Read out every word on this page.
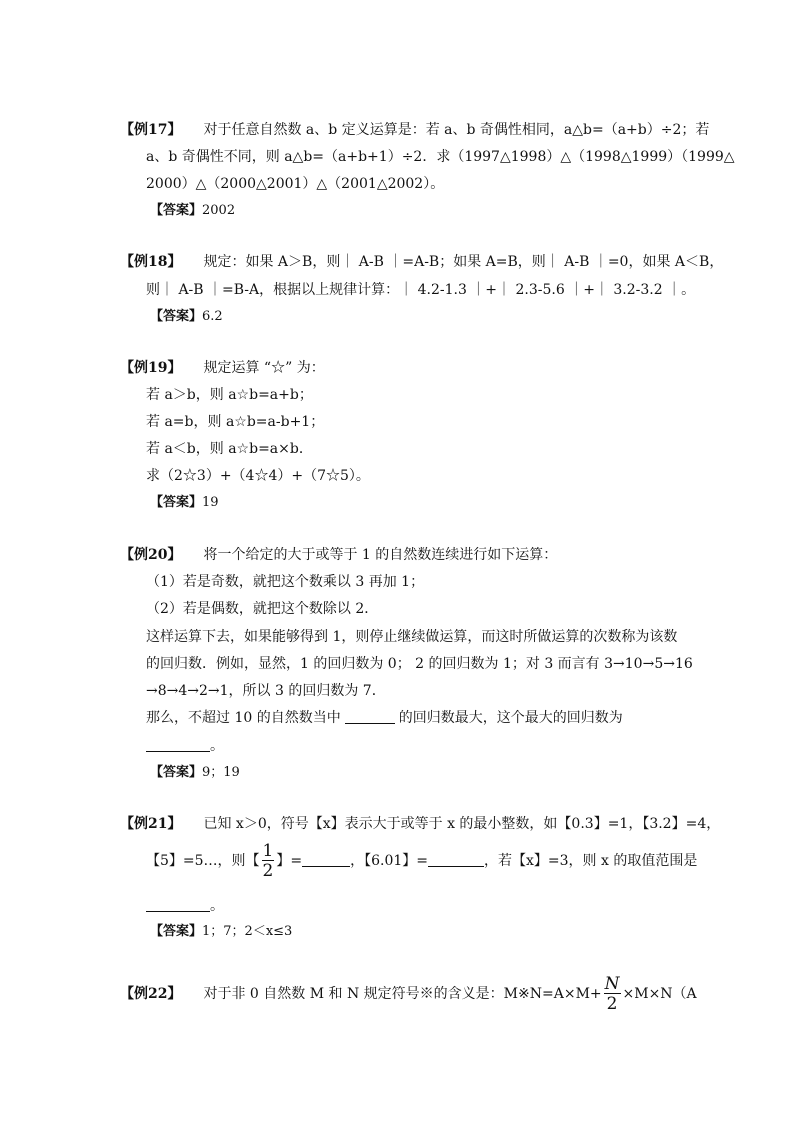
【例17】 对于任意自然数 a、b 定义运算是：若 a、b 奇偶性相同，a△b=（a+b）÷2；若
a、b 奇偶性不同，则 a△b=（a+b+1）÷2．求（1997△1998）△（1998△1999）（1999△
2000）△（2000△2001）△（2001△2002）。
【答案】2002
【例18】 规定：如果 A＞B，则｜ A-B ｜=A-B；如果 A=B，则｜ A-B ｜=0，如果 A＜B，
则｜ A-B ｜=B-A，根据以上规律计算：｜ 4.2-1.3 ｜+｜ 2.3-5.6 ｜+｜ 3.2-3.2 ｜。
【答案】6.2
【例19】 规定运算 “☆” 为：
若 a＞b，则 a☆b=a+b；
若 a=b，则 a☆b=a-b+1；
若 a＜b，则 a☆b=a×b．
求（2☆3）+（4☆4）+（7☆5）。
【答案】19
【例20】 将一个给定的大于或等于 1 的自然数连续进行如下运算：
（1）若是奇数，就把这个数乘以 3 再加 1；
（2）若是偶数，就把这个数除以 2．
这样运算下去，如果能够得到 1，则停止继续做运算，而这时所做运算的次数称为该数
的回归数．例如，显然，1 的回归数为 0； 2 的回归数为 1；对 3 而言有 3→10→5→16
→8→4→2→1，所以 3 的回归数为 7．
那么，不超过 10 的自然数当中	的回归数最大，这个最大的回归数为
。
【答案】9；19
【例21】 已知 x＞0，符号【x】表示大于或等于 x 的最小整数，如【0.3】=1，【3.2】=4，
【5】=5…，则【 $\frac{1}{2}$ 】=	，【6.01】=	，若【x】=3，则 x 的取值范围是
。
【答案】1；7；2＜x≤3
【例22】 对于非 0 自然数 M 和 N 规定符号※的含义是：M※N=A×M+ $\frac{N}{2} \times M\times N(A$
